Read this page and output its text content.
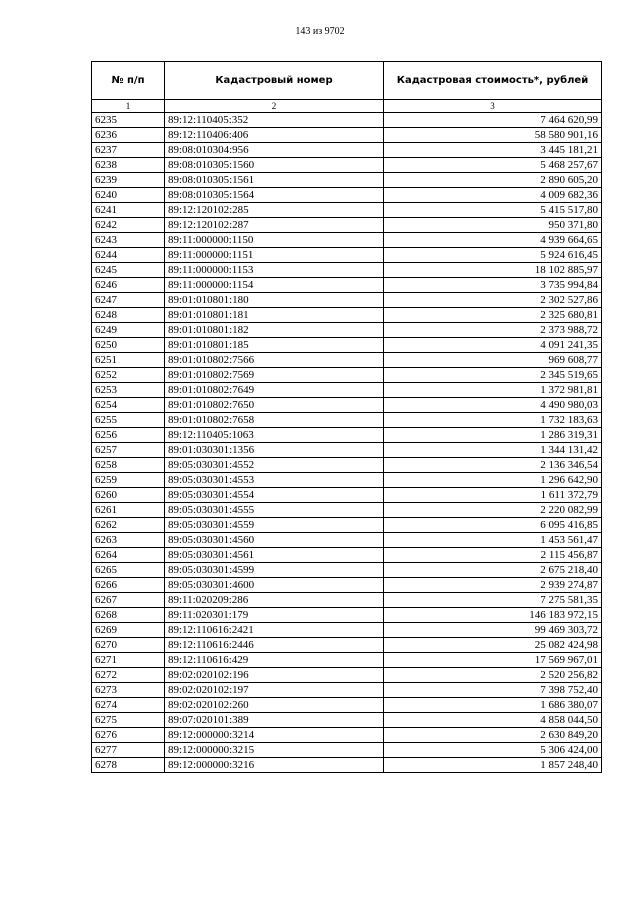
143 из 9702
№ п/п	Кадастровый номер	Кадастровая стоимость*, рублей
1	2	3
6235	89:12:110405:352	7 464 620,99
6236	89:12:110406:406	58 580 901,16
6237	89:08:010304:956	3 445 181,21
6238	89:08:010305:1560	5 468 257,67
6239	89:08:010305:1561	2 890 605,20
6240	89:08:010305:1564	4 009 682,36
6241	89:12:120102:285	5 415 517,80
6242	89:12:120102:287	950 371,80
6243	89:11:000000:1150	4 939 664,65
6244	89:11:000000:1151	5 924 616,45
6245	89:11:000000:1153	18 102 885,97
6246	89:11:000000:1154	3 735 994,84
6247	89:01:010801:180	2 302 527,86
6248	89:01:010801:181	2 325 680,81
6249	89:01:010801:182	2 373 988,72
6250	89:01:010801:185	4 091 241,35
6251	89:01:010802:7566	969 608,77
6252	89:01:010802:7569	2 345 519,65
6253	89:01:010802:7649	1 372 981,81
6254	89:01:010802:7650	4 490 980,03
6255	89:01:010802:7658	1 732 183,63
6256	89:12:110405:1063	1 286 319,31
6257	89:01:030301:1356	1 344 131,42
6258	89:05:030301:4552	2 136 346,54
6259	89:05:030301:4553	1 296 642,90
6260	89:05:030301:4554	1 611 372,79
6261	89:05:030301:4555	2 220 082,99
6262	89:05:030301:4559	6 095 416,85
6263	89:05:030301:4560	1 453 561,47
6264	89:05:030301:4561	2 115 456,87
6265	89:05:030301:4599	2 675 218,40
6266	89:05:030301:4600	2 939 274,87
6267	89:11:020209:286	7 275 581,35
6268	89:11:020301:179	146 183 972,15
6269	89:12:110616:2421	99 469 303,72
6270	89:12:110616:2446	25 082 424,98
6271	89:12:110616:429	17 569 967,01
6272	89:02:020102:196	2 520 256,82
6273	89:02:020102:197	7 398 752,40
6274	89:02:020102:260	1 686 380,07
6275	89:07:020101:389	4 858 044,50
6276	89:12:000000:3214	2 630 849,20
6277	89:12:000000:3215	5 306 424,00
6278	89:12:000000:3216	1 857 248,40
